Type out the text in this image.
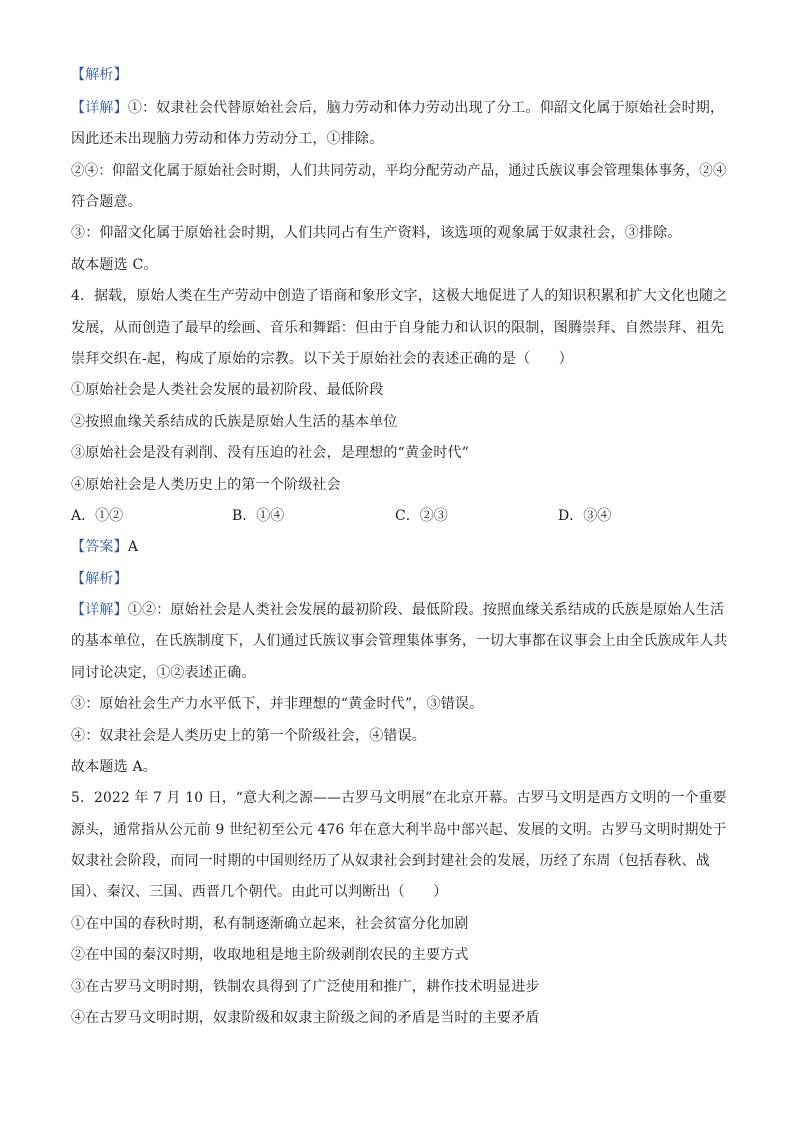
【解析】
【详解】①：奴隶社会代替原始社会后，脑力劳动和体力劳动出现了分工。仰韶文化属于原始社会时期，
因此还未出现脑力劳动和体力劳动分工，①排除。
②④：仰韶文化属于原始社会时期，人们共同劳动，平均分配劳动产品，通过氏族议事会管理集体事务，②④
符合题意。
③：仰韶文化属于原始社会时期，人们共同占有生产资料，该选项的观象属于奴隶社会，③排除。
故本题选 C。
4．据载，原始人类在生产劳动中创造了语商和象形文字，这极大地促进了人的知识积累和扩大文化也随之
发展，从而创造了最早的绘画、音乐和舞蹈：但由于自身能力和认识的限制，图腾崇拜、自然崇拜、祖先
崇拜交织在-起，构成了原始的宗教。以下关于原始社会的表述正确的是（　　）
①原始社会是人类社会发展的最初阶段、最低阶段
②按照血缘关系结成的氏族是原始人生活的基本单位
③原始社会是没有剥削、没有压迫的社会，是理想的“黄金时代”
④原始社会是人类历史上的第一个阶级社会
A．①②	B．①④	C．②③	D．③④
【答案】A
【解析】
【详解】①②：原始社会是人类社会发展的最初阶段、最低阶段。按照血缘关系结成的氏族是原始人生活
的基本单位，在氏族制度下，人们通过氏族议事会管理集体事务，一切大事都在议事会上由全氏族成年人共
同讨论决定，①②表述正确。
③：原始社会生产力水平低下，并非理想的“黄金时代”，③错误。
④：奴隶社会是人类历史上的第一个阶级社会，④错误。
故本题选 A。
5．2022 年 7 月 10 日，“意大利之源——古罗马文明展”在北京开幕。古罗马文明是西方文明的一个重要
源头，通常指从公元前 9 世纪初至公元 476 年在意大利半岛中部兴起、发展的文明。古罗马文明时期处于
奴隶社会阶段，而同一时期的中国则经历了从奴隶社会到封建社会的发展，历经了东周（包括春秋、战
国）、秦汉、三国、西晋几个朝代。由此可以判断出（　　）
①在中国的春秋时期，私有制逐渐确立起来，社会贫富分化加剧
②在中国的秦汉时期，收取地租是地主阶级剥削农民的主要方式
③在古罗马文明时期，铁制农具得到了广泛使用和推广，耕作技术明显进步
④在古罗马文明时期，奴隶阶级和奴隶主阶级之间的矛盾是当时的主要矛盾
